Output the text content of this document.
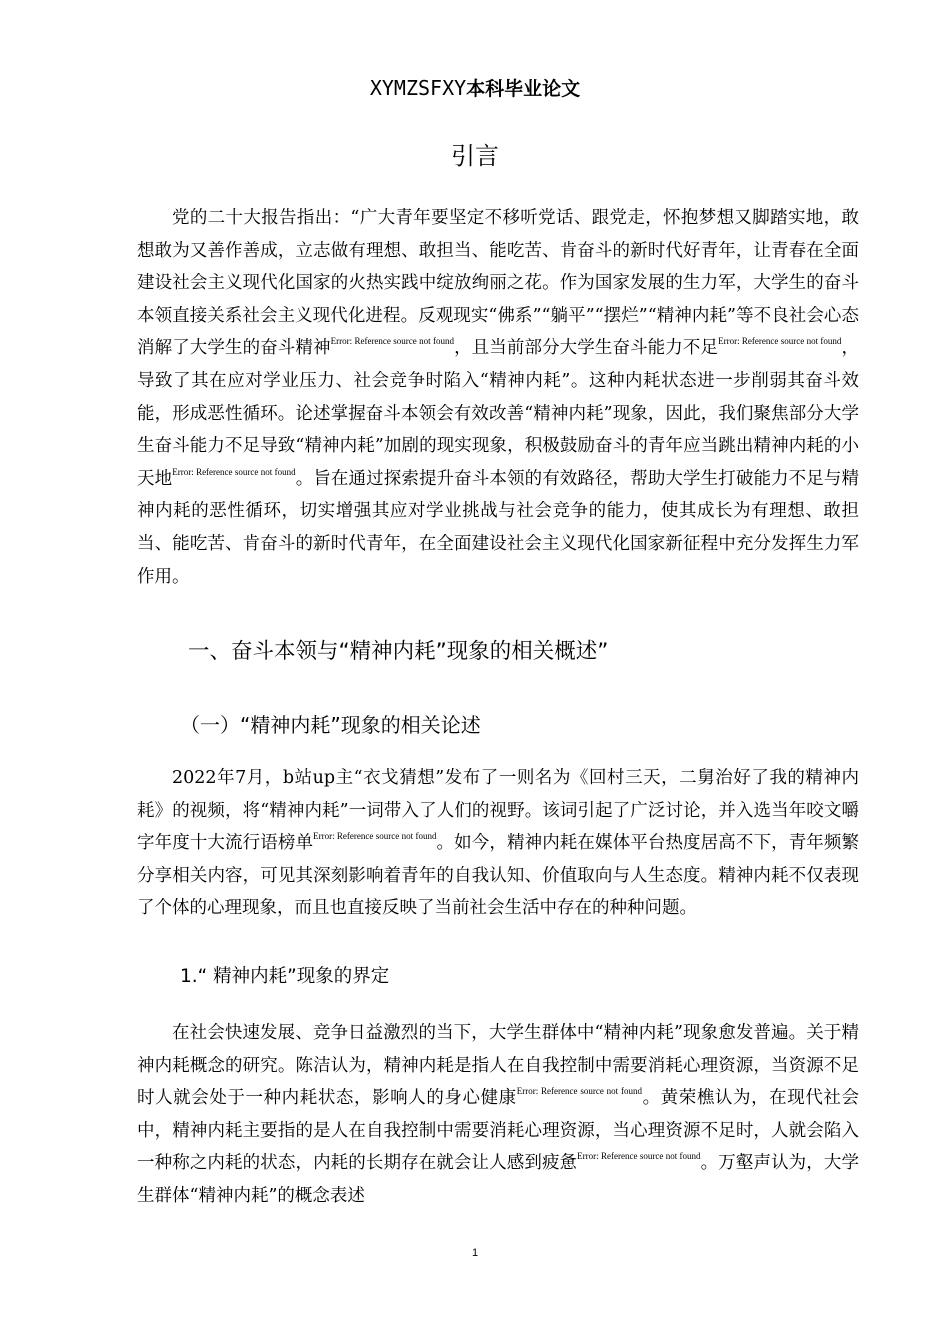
XYMZSFXY本科毕业论文
引言

党的二十大报告指出：“广大青年要坚定不移听党话、跟党走，怀抱梦想又脚踏实地，敢想敢为又善作善成，立志做有理想、敢担当、能吃苦、肯奋斗的新时代好青年，让青春在全面建设社会主义现代化国家的火热实践中绽放绚丽之花。作为国家发展的生力军，大学生的奋斗本领直接关系社会主义现代化进程。反观现实“佛系”“躺平”“摆烂”“精神内耗”等不良社会心态消解了大学生的奋斗精神$^{Error: Reference source not found}$，且当前部分大学生奋斗能力不足$^{Error: Reference source not found}$，导致了其在应对学业压力、社会竞争时陷入“精神内耗”。这种内耗状态进一步削弱其奋斗效能，形成恶性循环。论述掌握奋斗本领会有效改善“精神内耗”现象，因此，我们聚焦部分大学生奋斗能力不足导致“精神内耗”加剧的现实现象，积极鼓励奋斗的青年应当跳出精神内耗的小天地$^{Error: Reference source not found}$。旨在通过探索提升奋斗本领的有效路径，帮助大学生打破能力不足与精神内耗的恶性循环，切实增强其应对学业挑战与社会竞争的能力，使其成长为有理想、敢担当、能吃苦、肯奋斗的新时代青年，在全面建设社会主义现代化国家新征程中充分发挥生力军作用。

一、奋斗本领与“精神内耗”现象的相关概述”
（一）“精神内耗”现象的相关论述

2022年7月，b站up主“衣戈猜想”发布了一则名为《回村三天，二舅治好了我的精神内耗》的视频，将“精神内耗”一词带入了人们的视野。该词引起了广泛讨论，并入选当年咬文嚼字年度十大流行语榜单$^{Error: Reference source not found}$。如今，精神内耗在媒体平台热度居高不下，青年频繁分享相关内容，可见其深刻影响着青年的自我认知、价值取向与人生态度。精神内耗不仅表现了个体的心理现象，而且也直接反映了当前社会生活中存在的种种问题。

1.“ 精神内耗”现象的界定

在社会快速发展、竞争日益激烈的当下，大学生群体中“精神内耗”现象愈发普遍。关于精神内耗概念的研究。陈洁认为，精神内耗是指人在自我控制中需要消耗心理资源，当资源不足时人就会处于一种内耗状态，影响人的身心健康$^{Error: Reference source not found}$。黄荣樵认为，在现代社会中，精神内耗主要指的是人在自我控制中需要消耗心理资源，当心理资源不足时，人就会陷入一种称之内耗的状态，内耗的长期存在就会让人感到疲惫$^{Error: Reference source not found}$。万壑声认为，大学生群体“精神内耗”的概念表述

1
